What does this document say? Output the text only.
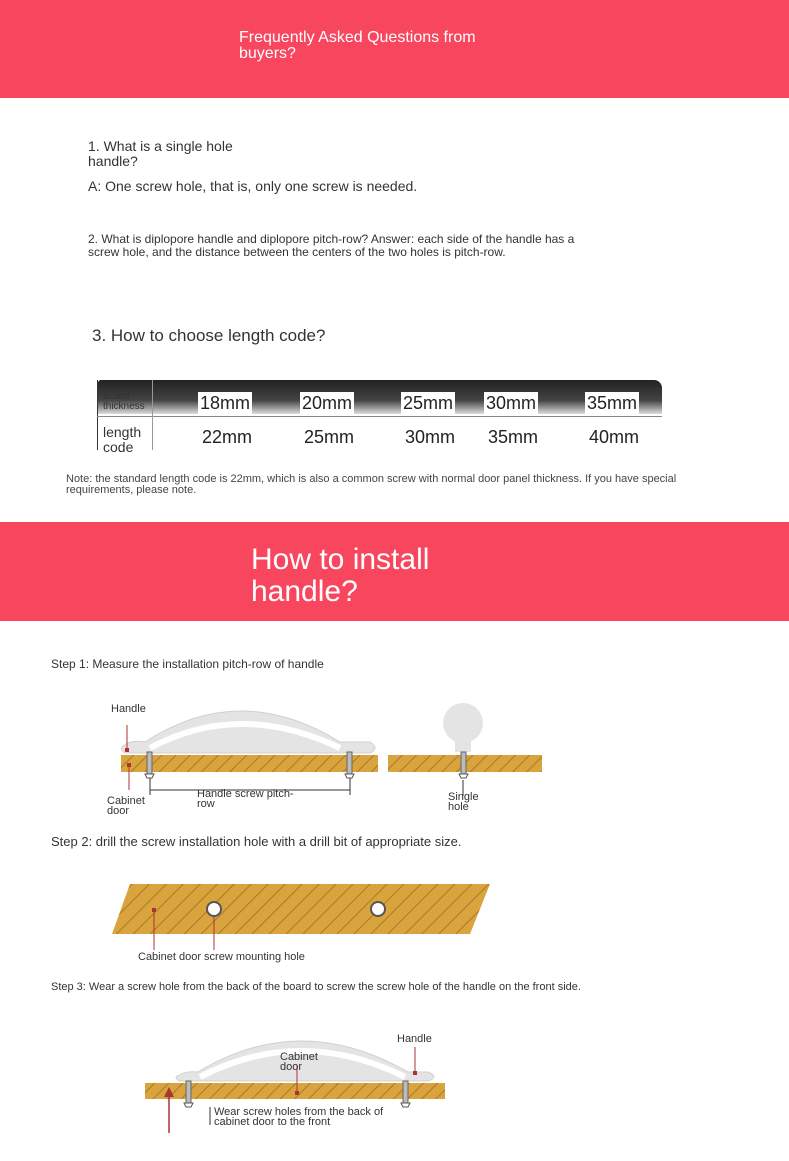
Frequently Asked Questions from buyers?
1. What is a single hole handle?
A: One screw hole, that is, only one screw is needed.
2. What is diplopore handle and diplopore pitch-row? Answer: each side of the handle has a screw hole, and the distance between the centers of the two holes is pitch-row.
3. How to choose length code?
Board thickness
length code
18mm	20mm	25mm 30mm	35mm
22mm	25mm	30mm 35mm	40mm
Note: the standard length code is 22mm, which is also a common screw with normal door panel thickness. If you have special requirements, please note.
How to install handle?
Step 1: Measure the installation pitch-row of handle
Handle
Cabinet door
Handle screw pitch-row
Single hole
Step 2: drill the screw installation hole with a drill bit of appropriate size.
Cabinet door screw mounting hole
Step 3: Wear a screw hole from the back of the board to screw the screw hole of the handle on the front side.
Cabinet door
Handle
Wear screw holes from the back of cabinet door to the front
